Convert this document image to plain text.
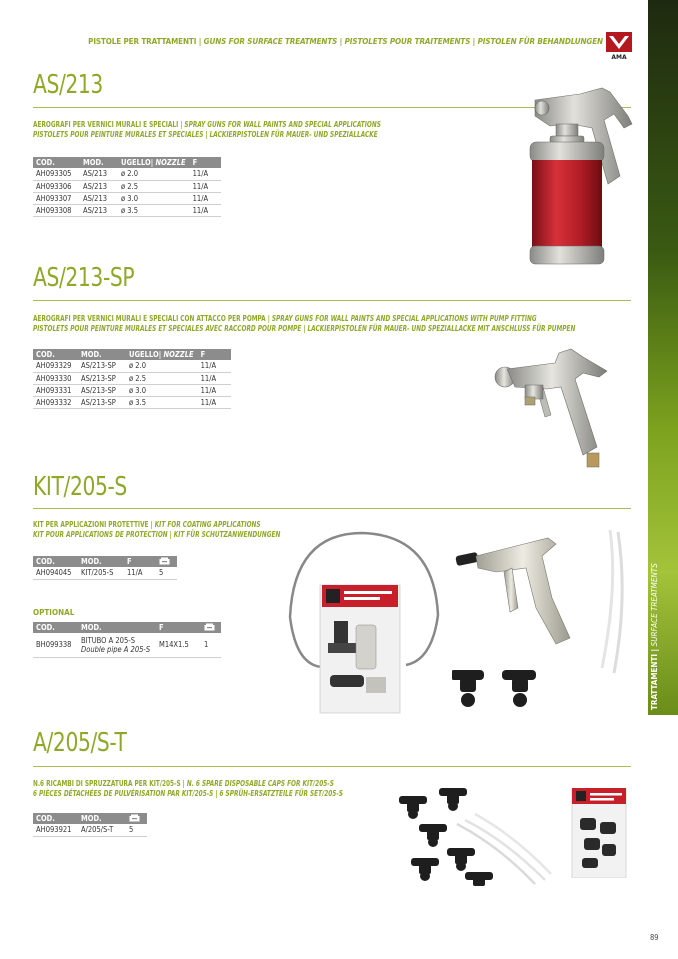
PISTOLE PER TRATTAMENTI | GUNS FOR SURFACE TREATMENTS | PISTOLETS POUR TRAITEMENTS | PISTOLEN FÜR BEHANDLUNGEN
AMA
TRATTAMENTI | SURFACE TREATMENTS
AS/213
AEROGRAFI PER VERNICI MURALI E SPECIALI | SPRAY GUNS FOR WALL PAINTS AND SPECIAL APPLICATIONS
PISTOLETS POUR PEINTURE MURALES ET SPECIALES | LACKIERPISTOLEN FÜR MAUER- UND SPEZIALLACKE
COD.	MOD.	UGELLO| NOZZLE	F
AH093305	AS/213	ø 2.0	11/A
AH093306	AS/213	ø 2.5	11/A
AH093307	AS/213	ø 3.0	11/A
AH093308	AS/213	ø 3.5	11/A
AS/213-SP
AEROGRAFI PER VERNICI MURALI E SPECIALI CON ATTACCO PER POMPA | SPRAY GUNS FOR WALL PAINTS AND SPECIAL APPLICATIONS WITH PUMP FITTING
PISTOLETS POUR PEINTURE MURALES ET SPECIALES AVEC RACCORD POUR POMPE | LACKIERPISTOLEN FÜR MAUER- UND SPEZIALLACKE MIT ANSCHLUSS FÜR PUMPEN
COD.	MOD.	UGELLO| NOZZLE	F
AH093329	AS/213-SP	ø 2.0	11/A
AH093330	AS/213-SP	ø 2.5	11/A
AH093331	AS/213-SP	ø 3.0	11/A
AH093332	AS/213-SP	ø 3.5	11/A
KIT/205-S
KIT PER APPLICAZIONI PROTETTIVE | KIT FOR COATING APPLICATIONS
KIT POUR APPLICATIONS DE PROTECTION | KIT FÜR SCHUTZANWENDUNGEN
COD.	MOD.	F	
AH094045	KIT/205-S	11/A	5
OPTIONAL
COD.	MOD.	F	
BH099338	BITUBO A 205-S
Double pipe A 205-S	M14X1.5	1
A/205/S-T
N.6 RICAMBI DI SPRUZZATURA PER KIT/205-S | N. 6 SPARE DISPOSABLE CAPS FOR KIT/205-S
6 PIÈCES DÉTACHÉES DE PULVÉRISATION PAR KIT/205-S | 6 SPRÜH-ERSATZTEILE FÜR SET/205-S
COD.	MOD.	
AH093921	A/205/S-T	5
89
